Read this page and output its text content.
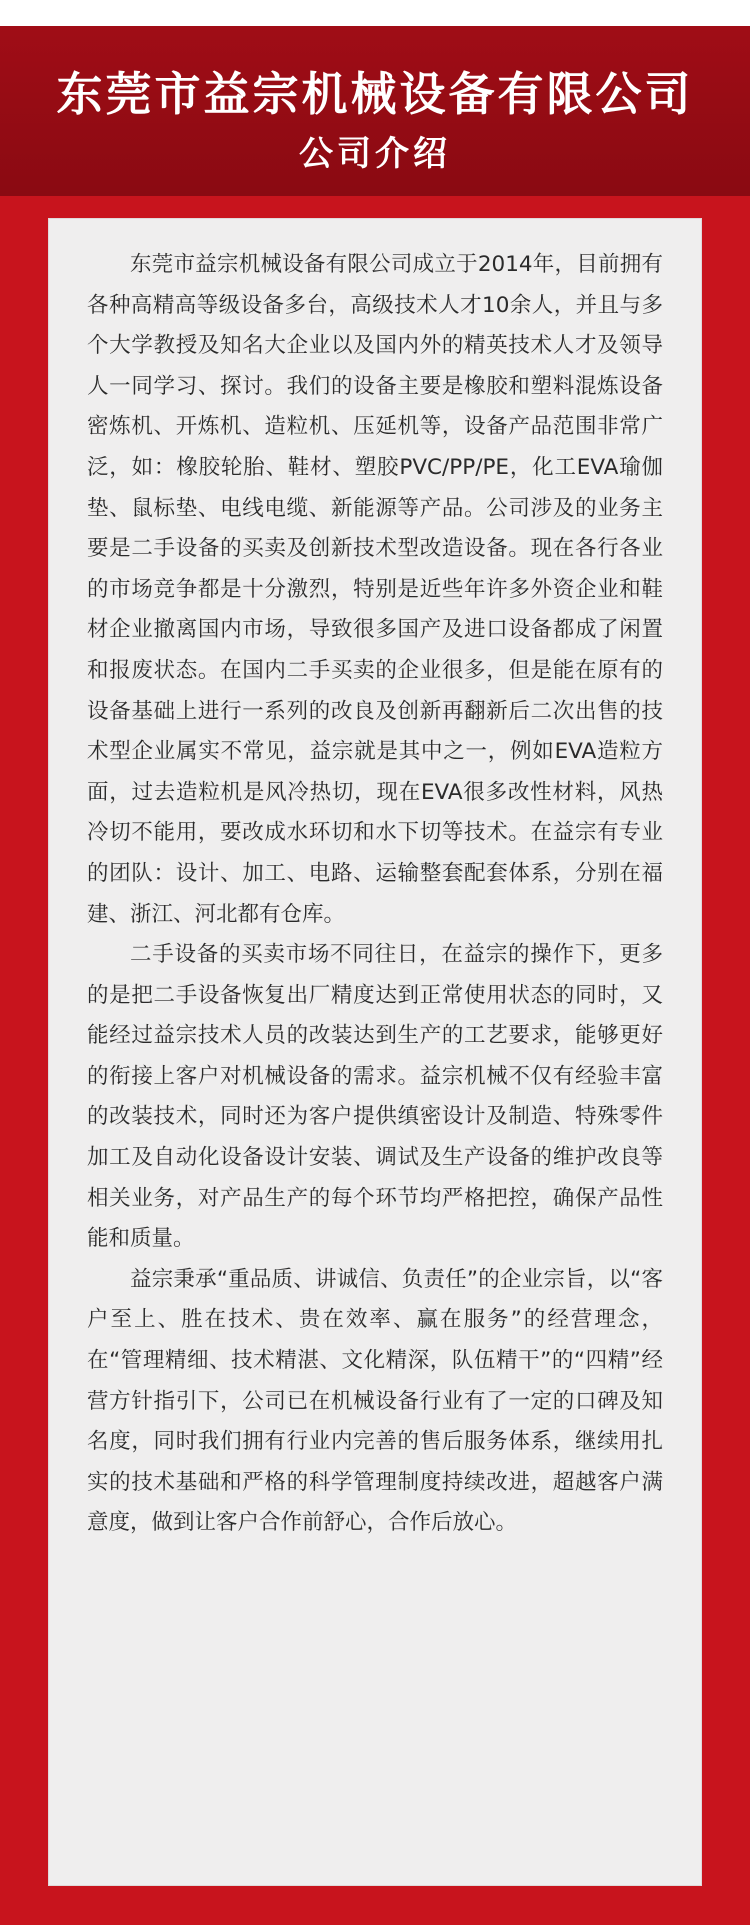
东莞市益宗机械设备有限公司
公司介绍

东莞市益宗机械设备有限公司成立于2014年，目前拥有各种高精高等级设备多台，高级技术人才10余人，并且与多个大学教授及知名大企业以及国内外的精英技术人才及领导人一同学习、探讨。我们的设备主要是橡胶和塑料混炼设备密炼机、开炼机、造粒机、压延机等，设备产品范围非常广泛，如：橡胶轮胎、鞋材、塑胶PVC/PP/PE，化工EVA瑜伽垫、鼠标垫、电线电缆、新能源等产品。公司涉及的业务主要是二手设备的买卖及创新技术型改造设备。现在各行各业的市场竞争都是十分激烈，特别是近些年许多外资企业和鞋材企业撤离国内市场，导致很多国产及进口设备都成了闲置和报废状态。在国内二手买卖的企业很多，但是能在原有的设备基础上进行一系列的改良及创新再翻新后二次出售的技术型企业属实不常见，益宗就是其中之一，例如EVA造粒方面，过去造粒机是风冷热切，现在EVA很多改性材料，风热冷切不能用，要改成水环切和水下切等技术。在益宗有专业的团队：设计、加工、电路、运输整套配套体系，分别在福建、浙江、河北都有仓库。

二手设备的买卖市场不同往日，在益宗的操作下，更多的是把二手设备恢复出厂精度达到正常使用状态的同时，又能经过益宗技术人员的改装达到生产的工艺要求，能够更好的衔接上客户对机械设备的需求。益宗机械不仅有经验丰富的改装技术，同时还为客户提供缜密设计及制造、特殊零件加工及自动化设备设计安装、调试及生产设备的维护改良等相关业务，对产品生产的每个环节均严格把控，确保产品性能和质量。

益宗秉承“重品质、讲诚信、负责任”的企业宗旨，以“客户至上、胜在技术、贵在效率、赢在服务”的经营理念，在“管理精细、技术精湛、文化精深，队伍精干”的“四精”经营方针指引下，公司已在机械设备行业有了一定的口碑及知名度，同时我们拥有行业内完善的售后服务体系，继续用扎实的技术基础和严格的科学管理制度持续改进，超越客户满意度，做到让客户合作前舒心，合作后放心。
